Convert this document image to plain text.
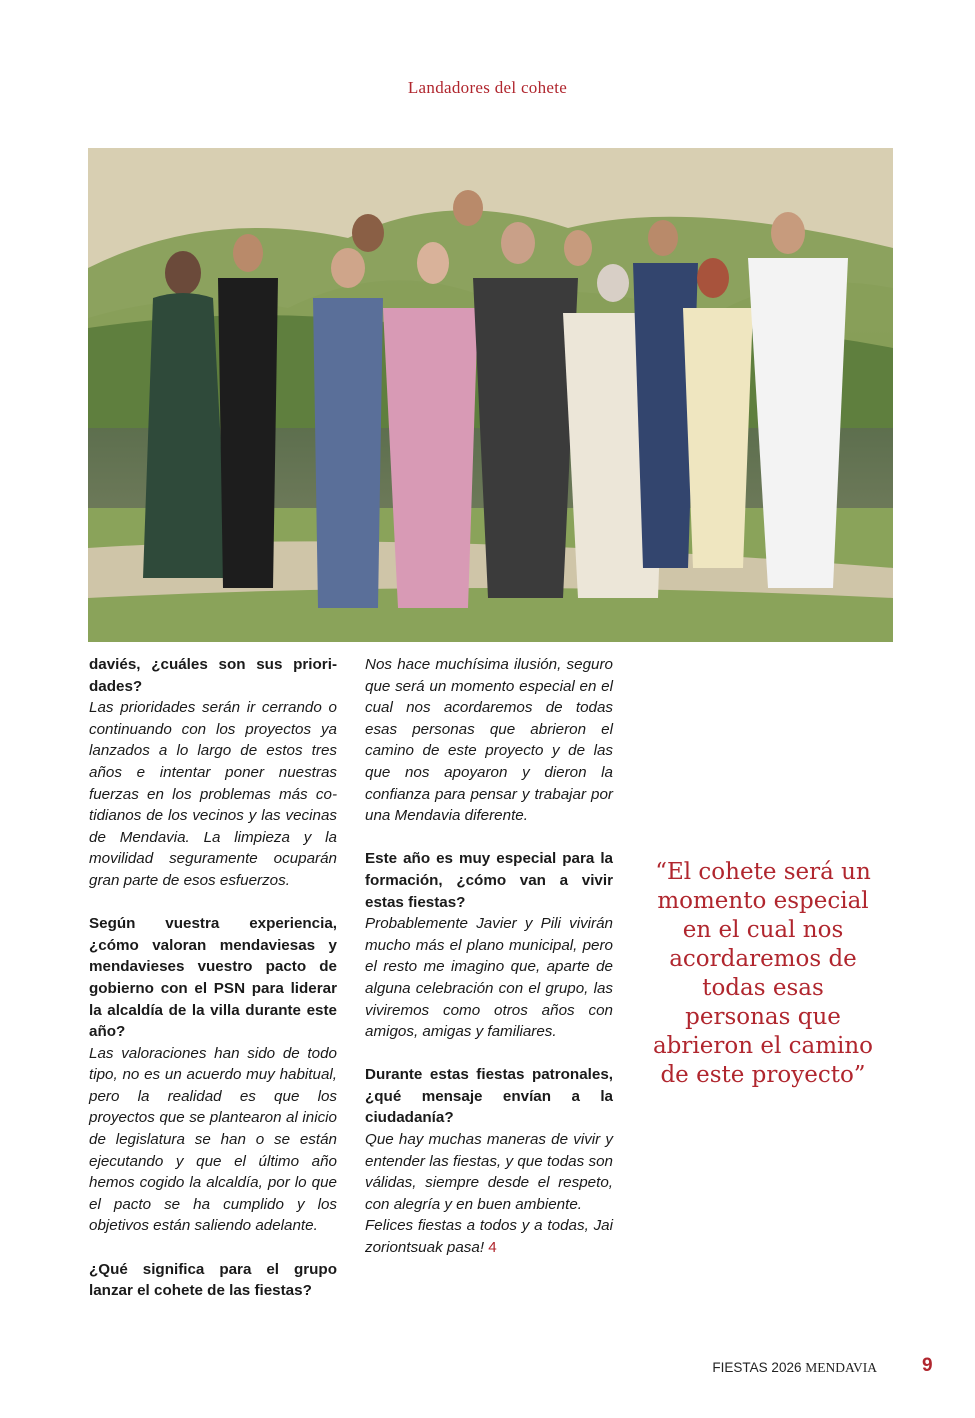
Landadores del cohete

daviés, ¿cuáles son sus prioridades?

Las prioridades serán ir cerrando o continuando con los proyectos ya lanzados a lo largo de estos tres años e intentar poner nuestras fuerzas en los problemas más cotidianos de los vecinos y las vecinas de Mendavia. La limpieza y la movilidad seguramente ocuparán gran parte de esos esfuerzos.

Según vuestra experiencia, ¿cómo valoran mendaviesas y mendavieses vuestro pacto de gobierno con el PSN para liderar la alcaldía de la villa durante este año?

Las valoraciones han sido de todo tipo, no es un acuerdo muy habitual, pero la realidad es que los proyectos que se plantearon al inicio de legislatura se han o se están ejecutando y que el último año hemos cogido la alcaldía, por lo que el pacto se ha cumplido y los objetivos están saliendo adelante.

¿Qué significa para el grupo lanzar el cohete de las fiestas?

Nos hace muchísima ilusión, seguro que será un momento especial en el cual nos acordaremos de todas esas personas que abrieron el camino de este proyecto y de las que nos apoyaron y dieron la confianza para pensar y trabajar por una Mendavia diferente.

Este año es muy especial para la formación, ¿cómo van a vivir estas fiestas?

Probablemente Javier y Pili vivirán mucho más el plano municipal, pero el resto me imagino que, aparte de alguna celebración con el grupo, las viviremos como otros años con amigos, amigas y familiares.

Durante estas fiestas patronales, ¿qué mensaje envían a la ciudadanía?

Que hay muchas maneras de vivir y entender las fiestas, y que todas son válidas, siempre desde el respeto, con alegría y en buen ambiente.

Felices fiestas a todos y a todas, Jai zoriontsuak pasa! 4

“El cohete será un momento especial en el cual nos acordaremos de todas esas personas que abrieron el camino de este proyecto”
FIESTAS 2026 MENDAVIA 9
